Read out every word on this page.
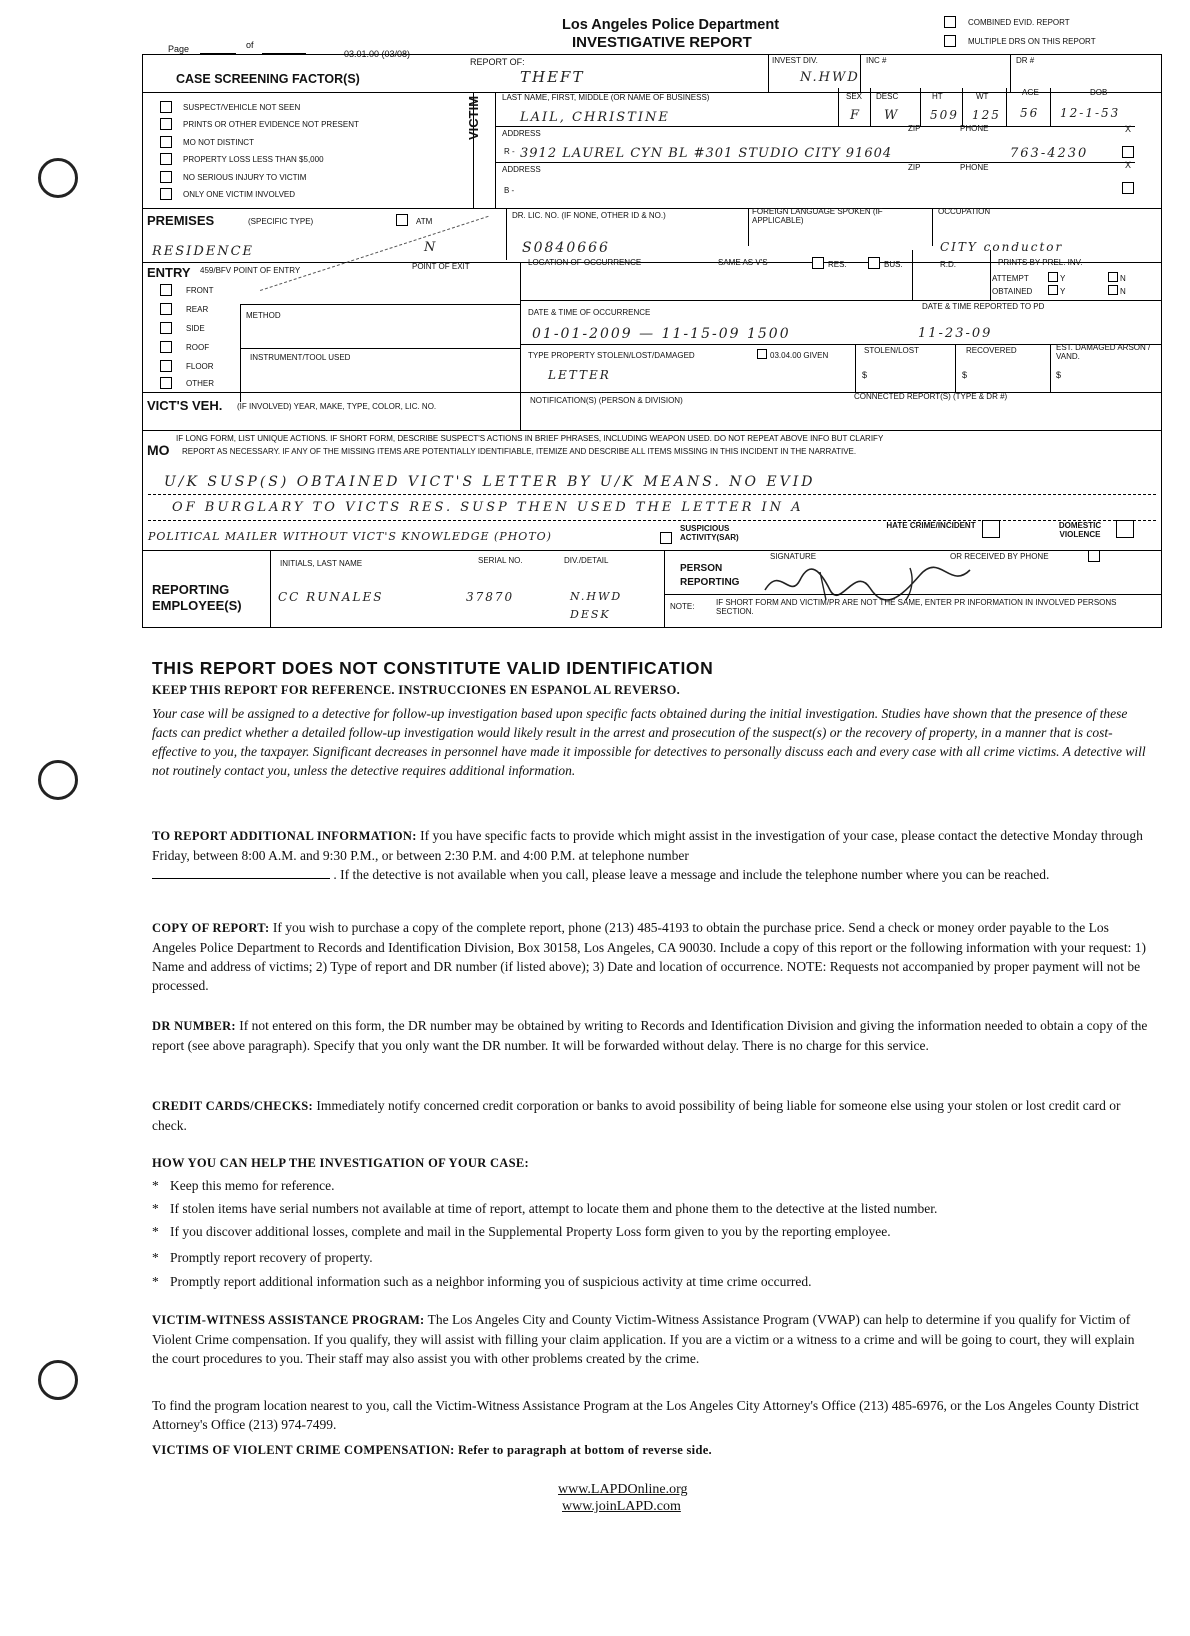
Page	of
03.01.00 (03/08)
Los Angeles Police Department
INVESTIGATIVE REPORT
COMBINED EVID. REPORT
MULTIPLE DRS ON THIS REPORT
REPORT OF:
THEFT
INVEST DIV.
N.HWD
INC #	DR #
CASE SCREENING FACTOR(S)
SUSPECT/VEHICLE NOT SEEN
PRINTS OR OTHER EVIDENCE NOT PRESENT
MO NOT DISTINCT
PROPERTY LOSS LESS THAN $5,000
NO SERIOUS INJURY TO VICTIM
ONLY ONE VICTIM INVOLVED
VICTIM	LAST NAME, FIRST, MIDDLE (OR NAME OF BUSINESS)
LAIL, CHRISTINE
SEX
F
DESC
W
HT
509
WT
125
AGE
56
DOB
12-1-53
ADDRESS
ZIP	PHONE	X
R - 3912 LAUREL CYN BL #301 STUDIO CITY 91604	763-4230
ADDRESS	ZIP	PHONE	X
B -
PREMISES	(SPECIFIC TYPE)	ATM
RESIDENCE	N
DR. LIC. NO. (IF NONE, OTHER ID & NO.)
S0840666
FOREIGN LANGUAGE SPOKEN (IF APPLICABLE)
OCCUPATION
CITY conductor
ENTRY 459/BFV POINT OF ENTRY	POINT OF EXIT
FRONT
REAR
SIDE
ROOF
FLOOR
OTHER
METHOD
INSTRUMENT/TOOL USED
LOCATION OF OCCURRENCE	SAME AS V'S	RES.	BUS.	R.D.	PRINTS BY PREL. INV.
ATTEMPT	Y	N
OBTAINED	Y	N
DATE & TIME OF OCCURRENCE
DATE & TIME REPORTED TO PD
01-01-2009 — 11-15-09 1500	11-23-09
TYPE PROPERTY STOLEN/LOST/DAMAGED	03.04.00 GIVEN
LETTER
STOLEN/LOST
$
RECOVERED
$
EST. DAMAGED ARSON / VAND.
$
VICT'S VEH. (IF INVOLVED) YEAR, MAKE, TYPE, COLOR, LIC. NO.
NOTIFICATION(S) (PERSON & DIVISION)	CONNECTED REPORT(S) (TYPE & DR #)
MO
IF LONG FORM, LIST UNIQUE ACTIONS. IF SHORT FORM, DESCRIBE SUSPECT'S ACTIONS IN BRIEF PHRASES, INCLUDING WEAPON USED. DO NOT REPEAT ABOVE INFO BUT CLARIFY
REPORT AS NECESSARY. IF ANY OF THE MISSING ITEMS ARE POTENTIALLY IDENTIFIABLE, ITEMIZE AND DESCRIBE ALL ITEMS MISSING IN THIS INCIDENT IN THE NARRATIVE.
U/K SUSP(S) OBTAINED VICT'S LETTER BY U/K MEANS. NO EVID
OF BURGLARY TO VICTS RES. SUSP THEN USED THE LETTER IN A
POLITICAL MAILER WITHOUT VICT'S KNOWLEDGE (PHOTO)
SUSPICIOUS ACTIVITY(SAR)
HATE CRIME/INCIDENT	DOMESTIC VIOLENCE
REPORTING EMPLOYEE(S)
INITIALS, LAST NAME
CC RUNALES
SERIAL NO.
37870
DIV./DETAIL
N.HWD DESK
PERSON REPORTING
SIGNATURE	OR RECEIVED BY PHONE
NOTE:	IF SHORT FORM AND VICTIM/PR ARE NOT THE SAME, ENTER PR INFORMATION IN INVOLVED PERSONS SECTION.
THIS REPORT DOES NOT CONSTITUTE VALID IDENTIFICATION
KEEP THIS REPORT FOR REFERENCE. INSTRUCCIONES EN ESPANOL AL REVERSO.
Your case will be assigned to a detective for follow-up investigation based upon specific facts obtained during the initial investigation. Studies have shown that the presence of these facts can predict whether a detailed follow-up investigation would likely result in the arrest and prosecution of the suspect(s) or the recovery of property, in a manner that is cost-effective to you, the taxpayer. Significant decreases in personnel have made it impossible for detectives to personally discuss each and every case with all crime victims. A detective will not routinely contact you, unless the detective requires additional information.
TO REPORT ADDITIONAL INFORMATION: If you have specific facts to provide which might assist in the investigation of your case, please contact the detective Monday through Friday, between 8:00 A.M. and 9:30 P.M., or between 2:30 P.M. and 4:00 P.M. at telephone number
. If the detective is not available when you call, please leave a message and include the telephone number where you can be reached.
COPY OF REPORT: If you wish to purchase a copy of the complete report, phone (213) 485-4193 to obtain the purchase price. Send a check or money order payable to the Los Angeles Police Department to Records and Identification Division, Box 30158, Los Angeles, CA 90030. Include a copy of this report or the following information with your request: 1) Name and address of victims; 2) Type of report and DR number (if listed above); 3) Date and location of occurrence. NOTE: Requests not accompanied by proper payment will not be processed.
DR NUMBER: If not entered on this form, the DR number may be obtained by writing to Records and Identification Division and giving the information needed to obtain a copy of the report (see above paragraph). Specify that you only want the DR number. It will be forwarded without delay. There is no charge for this service.
CREDIT CARDS/CHECKS: Immediately notify concerned credit corporation or banks to avoid possibility of being liable for someone else using your stolen or lost credit card or check.
HOW YOU CAN HELP THE INVESTIGATION OF YOUR CASE:
* Keep this memo for reference.
* If stolen items have serial numbers not available at time of report, attempt to locate them and phone them to the detective at the listed number.
* If you discover additional losses, complete and mail in the Supplemental Property Loss form given to you by the reporting employee.
* Promptly report recovery of property.
* Promptly report additional information such as a neighbor informing you of suspicious activity at time crime occurred.
VICTIM-WITNESS ASSISTANCE PROGRAM: The Los Angeles City and County Victim-Witness Assistance Program (VWAP) can help to determine if you qualify for Victim of Violent Crime compensation. If you qualify, they will assist with filling your claim application. If you are a victim or a witness to a crime and will be going to court, they will explain the court procedures to you. Their staff may also assist you with other problems created by the crime.
To find the program location nearest to you, call the Victim-Witness Assistance Program at the Los Angeles City Attorney's Office (213) 485-6976, or the Los Angeles County District Attorney's Office (213) 974-7499.
VICTIMS OF VIOLENT CRIME COMPENSATION: Refer to paragraph at bottom of reverse side.
www.LAPDOnline.org
www.joinLAPD.com
